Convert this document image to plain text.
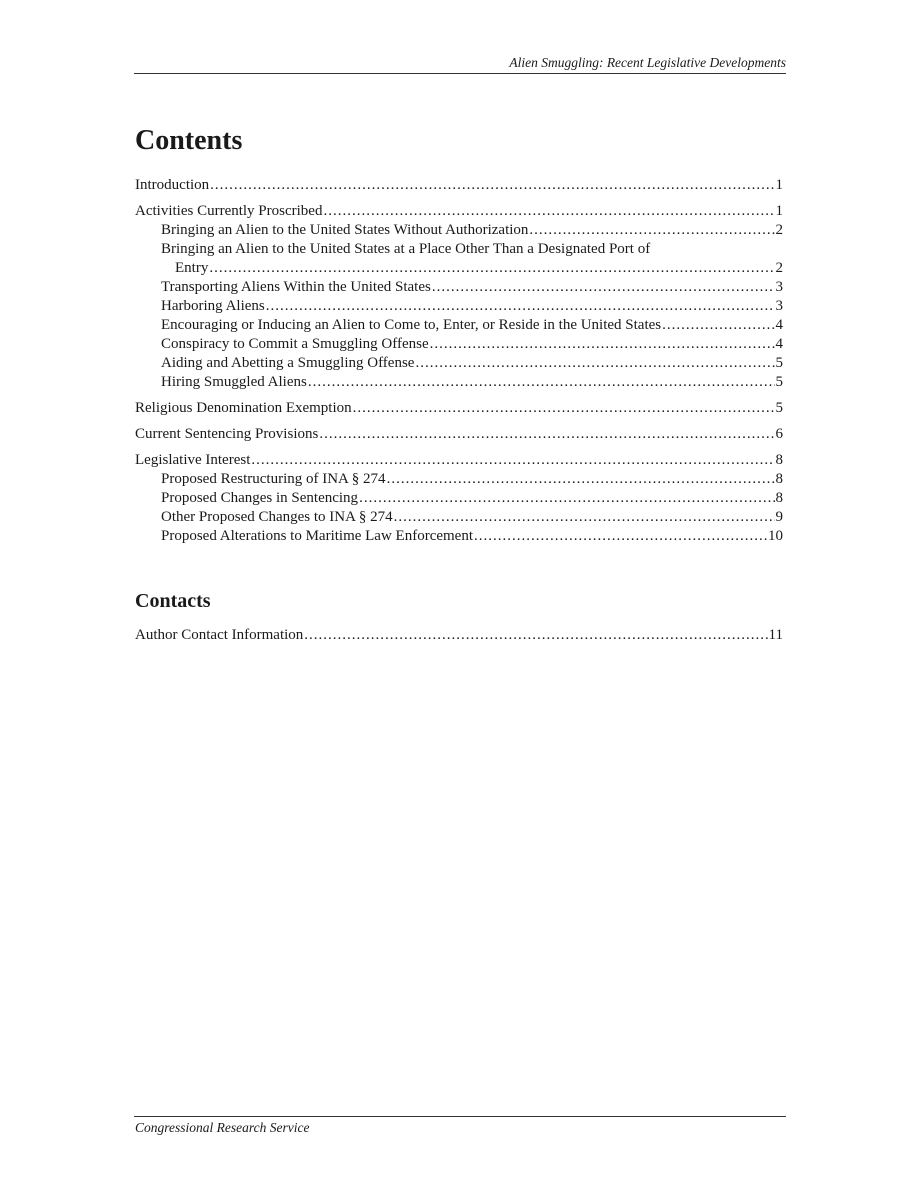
Alien Smuggling: Recent Legislative Developments
Contents
Introduction .....	1
Activities Currently Proscribed .....	1
Bringing an Alien to the United States Without Authorization .....	2
Bringing an Alien to the United States at a Place Other Than a Designated Port of
Entry .....	2
Transporting Aliens Within the United States .....	3
Harboring Aliens .....	3
Encouraging or Inducing an Alien to Come to, Enter, or Reside in the United States .....	4
Conspiracy to Commit a Smuggling Offense .....	4
Aiding and Abetting a Smuggling Offense .....	5
Hiring Smuggled Aliens .....	5
Religious Denomination Exemption .....	5
Current Sentencing Provisions .....	6
Legislative Interest .....	8
Proposed Restructuring of INA § 274 .....	8
Proposed Changes in Sentencing .....	8
Other Proposed Changes to INA § 274 .....	9
Proposed Alterations to Maritime Law Enforcement .....	10
Contacts
Author Contact Information .....	11
Congressional Research Service
